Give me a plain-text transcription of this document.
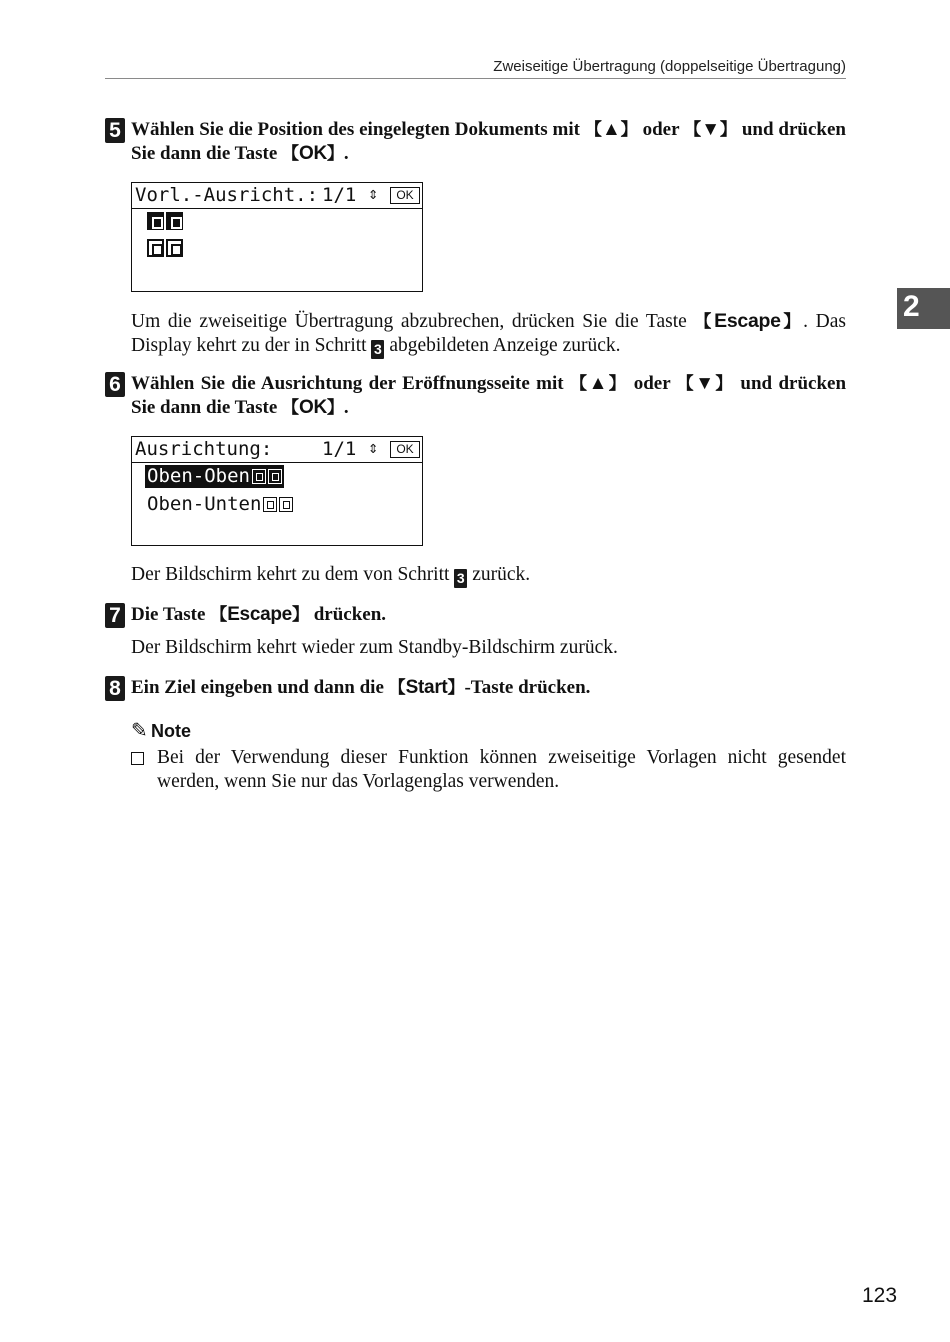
Zweiseitige Übertragung (doppelseitige Übertragung)
2
5 Wählen Sie die Position des eingelegten Dokuments mit 【▲】 oder 【▼】 und drücken Sie dann die Taste 【OK】.
Vorl.-Ausricht.: 1/1 ⇕	OK
Um die zweiseitige Übertragung abzubrechen, drücken Sie die Taste 【Escape】. Das Display kehrt zu der in Schritt 3 abgebildeten Anzeige zurück.
6 Wählen Sie die Ausrichtung der Eröffnungsseite mit 【▲】 oder 【▼】 und drücken Sie dann die Taste 【OK】.
Ausrichtung:	1/1 ⇕	OK
Oben-Oben
Oben-Unten
Der Bildschirm kehrt zu dem von Schritt 3 zurück.
7 Die Taste 【Escape】 drücken.
Der Bildschirm kehrt wieder zum Standby-Bildschirm zurück.
8 Ein Ziel eingeben und dann die 【Start】-Taste drücken.
✎ Note
Bei der Verwendung dieser Funktion können zweiseitige Vorlagen nicht gesendet werden, wenn Sie nur das Vorlagenglas verwenden.
123
